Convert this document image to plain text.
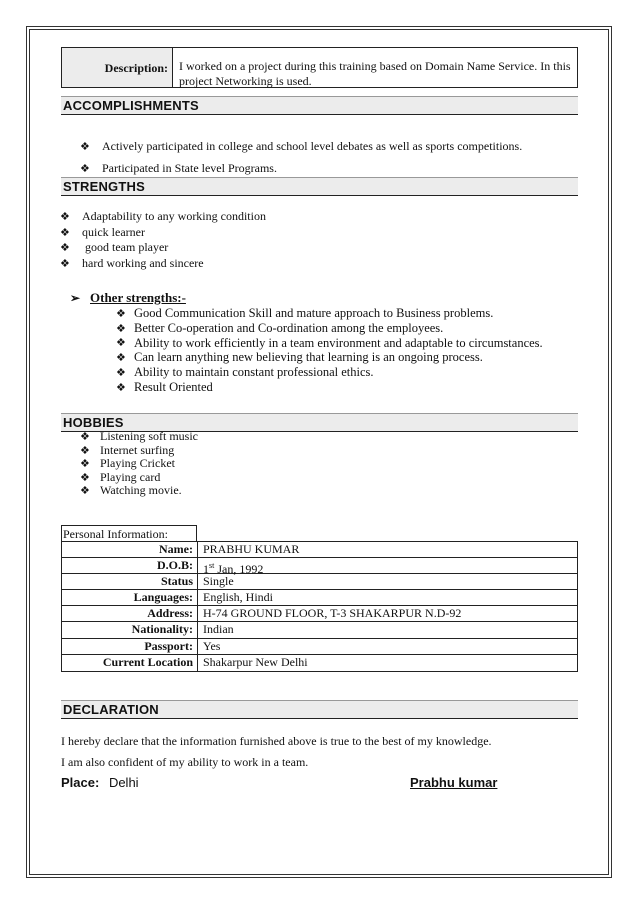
Description: I worked on a project during this training based on Domain Name Service. In this project Networking is used.
ACCOMPLISHMENTS
❖	Actively participated in college and school level debates as well as sports competitions.
❖	Participated in State level Programs.
STRENGTHS
❖	Adaptability to any working condition
❖	quick learner
❖	good team player
❖	hard working and sincere
➢ Other strengths:-
❖ Good Communication Skill and mature approach to Business problems.
❖ Better Co-operation and Co-ordination among the employees.
❖ Ability to work efficiently in a team environment and adaptable to circumstances.
❖ Can learn anything new believing that learning is an ongoing process.
❖ Ability to maintain constant professional ethics.
❖ Result Oriented
HOBBIES
❖ Listening soft music
❖ Internet surfing
❖ Playing Cricket
❖ Playing card
❖ Watching movie.
Personal Information:
Name: PRABHU KUMAR
D.O.B: 1st Jan, 1992
Status Single
Languages: English, Hindi
Address: H-74 GROUND FLOOR, T-3 SHAKARPUR N.D-92
Nationality: Indian
Passport: Yes
Current Location Shakarpur New Delhi
DECLARATION
I hereby declare that the information furnished above is true to the best of my knowledge.
I am also confident of my ability to work in a team.
Place: Delhi	Prabhu kumar
